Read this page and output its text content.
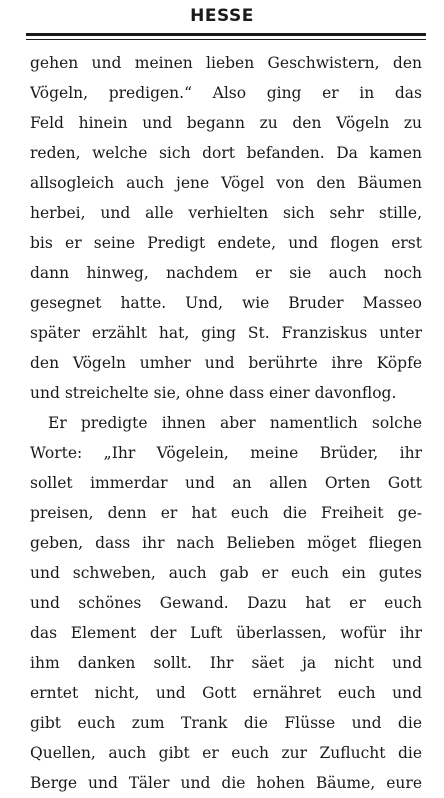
HESSE
gehen und meinen lieben Geschwistern, den
Vögeln, predigen.“ Also ging er in das
Feld hinein und begann zu den Vögeln zu
reden, welche sich dort befanden. Da kamen
allsogleich auch jene Vögel von den Bäumen
herbei, und alle verhielten sich sehr stille,
bis er seine Predigt endete, und flogen erst
dann hinweg, nachdem er sie auch noch
gesegnet hatte. Und, wie Bruder Masseo
später erzählt hat, ging St. Franziskus unter
den Vögeln umher und berührte ihre Köpfe
und streichelte sie, ohne dass einer davonflog.
Er predigte ihnen aber namentlich solche
Worte: „Ihr Vögelein, meine Brüder, ihr
sollet immerdar und an allen Orten Gott
preisen, denn er hat euch die Freiheit ge-
geben, dass ihr nach Belieben möget fliegen
und schweben, auch gab er euch ein gutes
und schönes Gewand. Dazu hat er euch
das Element der Luft überlassen, wofür ihr
ihm danken sollt. Ihr säet ja nicht und
erntet nicht, und Gott ernähret euch und
gibt euch zum Trank die Flüsse und die
Quellen, auch gibt er euch zur Zuflucht die
Berge und Täler und die hohen Bäume, eure
